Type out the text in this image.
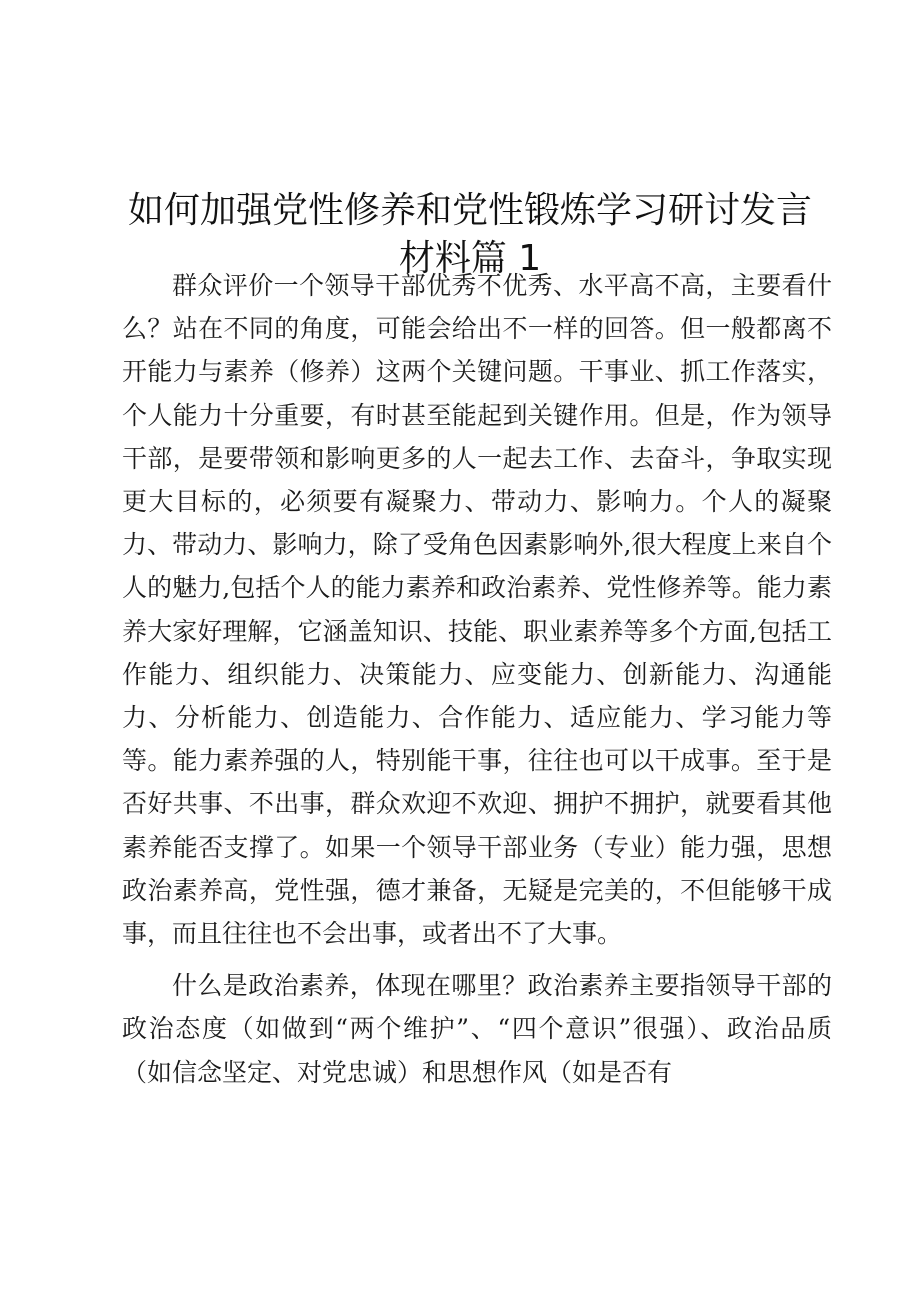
如何加强党性修养和党性锻炼学习研讨发言材料篇 1

群众评价一个领导干部优秀不优秀、水平高不高，主要看什么？站在不同的角度，可能会给出不一样的回答。但一般都离不开能力与素养（修养）这两个关键问题。干事业、抓工作落实，个人能力十分重要，有时甚至能起到关键作用。但是，作为领导干部，是要带领和影响更多的人一起去工作、去奋斗，争取实现更大目标的，必须要有凝聚力、带动力、影响力。个人的凝聚力、带动力、影响力，除了受角色因素影响外,很大程度上来自个人的魅力,包括个人的能力素养和政治素养、党性修养等。能力素养大家好理解，它涵盖知识、技能、职业素养等多个方面,包括工作能力、组织能力、决策能力、应变能力、创新能力、沟通能力、分析能力、创造能力、合作能力、适应能力、学习能力等等。能力素养强的人，特别能干事，往往也可以干成事。至于是否好共事、不出事，群众欢迎不欢迎、拥护不拥护，就要看其他素养能否支撑了。如果一个领导干部业务（专业）能力强，思想政治素养高，党性强，德才兼备，无疑是完美的，不但能够干成事，而且往往也不会出事，或者出不了大事。

什么是政治素养，体现在哪里？政治素养主要指领导干部的政治态度（如做到“两个维护”、“四个意识”很强）、政治品质（如信念坚定、对党忠诚）和思想作风（如是否有
